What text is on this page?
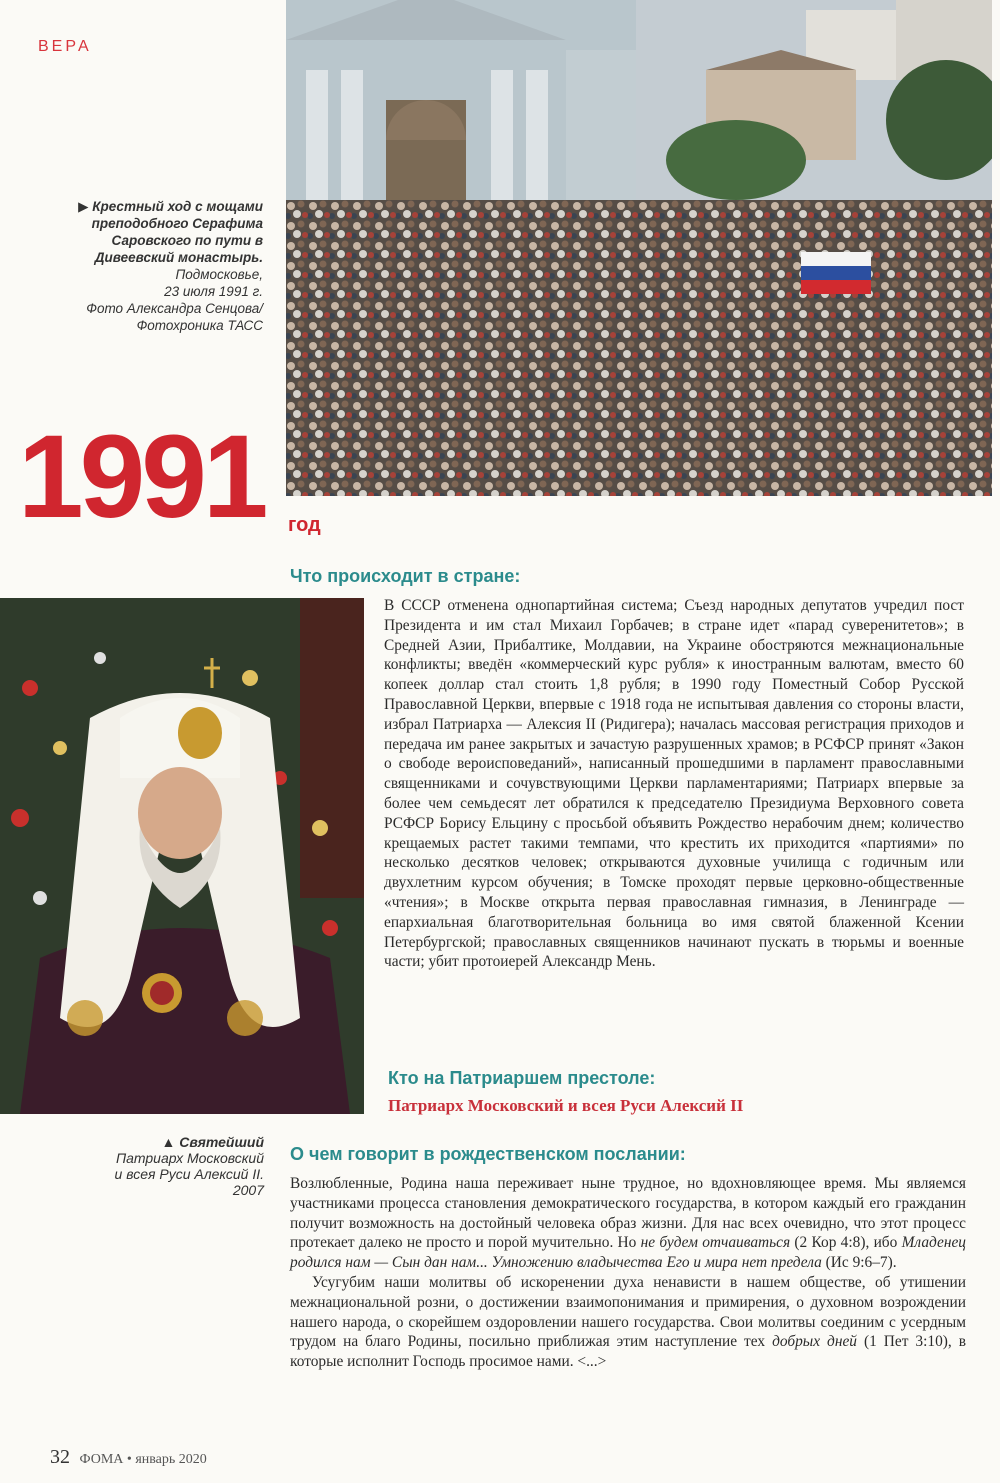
ВЕРА
▶ Крестный ход с мощами преподобного Серафима Саровского по пути в Дивеевский монастырь.
Подмосковье,
23 июля 1991 г.
Фото Александра Сенцова/
Фотохроника ТАСС
1991 год
▲ Святейший
Патриарх Московский
и всея Руси Алексий II.
2007
Что происходит в стране:
В СССР отменена однопартийная система; Съезд народных депутатов учредил пост Президента и им стал Михаил Горбачев; в стране идет «парад суверенитетов»; в Средней Азии, Прибалтике, Молдавии, на Украине обостряются межнациональные конфликты; введён «коммерческий курс рубля» к иностранным валютам, вместо 60 копеек доллар стал стоить 1,8 рубля; в 1990 году Поместный Собор Русской Православной Церкви, впервые с 1918 года не испытывая давления со стороны власти, избрал Патриарха — Алексия II (Ридигера); началась массовая регистрация приходов и передача им ранее закрытых и зачастую разрушенных храмов; в РСФСР принят «Закон о свободе вероисповеданий», написанный прошедшими в парламент православными священниками и сочувствующими Церкви парламентариями; Патриарх впервые за более чем семьдесят лет обратился к председателю Президиума Верховного совета РСФСР Борису Ельцину с просьбой объявить Рождество нерабочим днем; количество крещаемых растет такими темпами, что крестить их приходится «партиями» по несколько десятков человек; открываются духовные училища с годичным или двухлетним курсом обучения; в Томске проходят первые церковно-общественные «чтения»; в Москве открыта первая православная гимназия, в Ленинграде — епархиальная благотворительная больница во имя святой блаженной Ксении Петербургской; православных священников начинают пускать в тюрьмы и военные части; убит протоиерей Александр Мень.
Кто на Патриаршем престоле:
Патриарх Московский и всея Руси Алексий II
О чем говорит в рождественском послании:
Возлюбленные, Родина наша переживает ныне трудное, но вдохновляющее время. Мы являемся участниками процесса становления демократического государства, в котором каждый его гражданин получит возможность на достойный человека образ жизни. Для нас всех очевидно, что этот процесс протекает далеко не просто и порой мучительно. Но не будем отчаиваться (2 Кор 4:8), ибо Младенец родился нам — Сын дан нам... Умножению владычества Его и мира нет предела (Ис 9:6–7).
Усугубим наши молитвы об искоренении духа ненависти в нашем обществе, об утишении межнациональной розни, о достижении взаимопонимания и примирения, о духовном возрождении нашего народа, о скорейшем оздоровлении нашего государства. Свои молитвы соединим с усердным трудом на благо Родины, посильно приближая этим наступление тех добрых дней (1 Пет 3:10), в которые исполнит Господь просимое нами. <...>
32 ФОМА • январь 2020
